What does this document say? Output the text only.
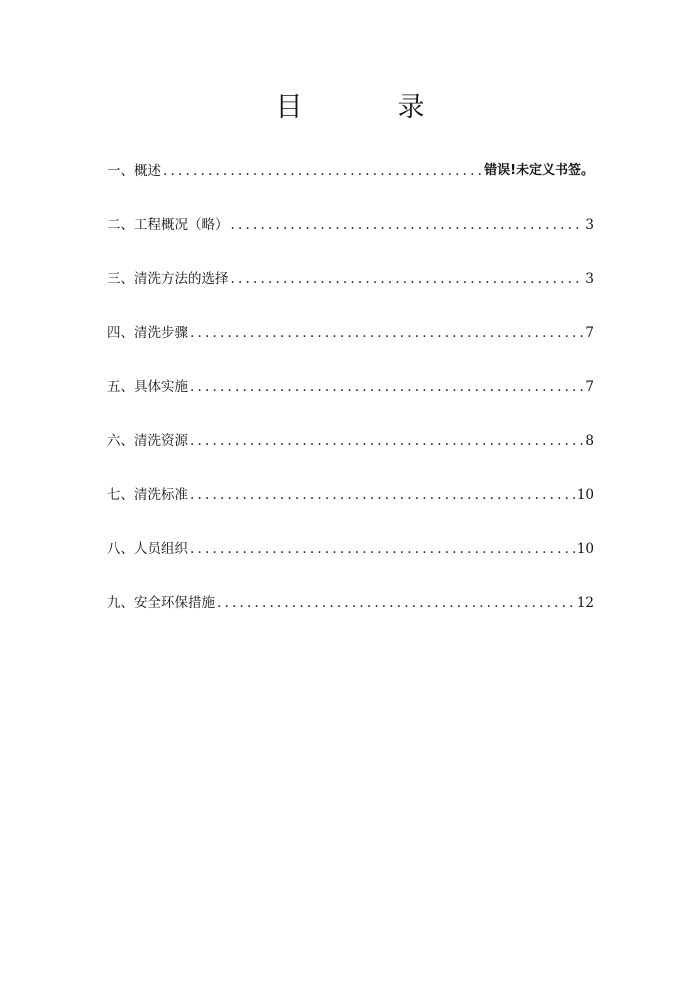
目　录
一、概述 .....	错误!未定义书签。
二、工程概况（略） .....	3
三、清洗方法的选择 .....	3
四、清洗步骤 .....	7
五、具体实施 .....	7
六、清洗资源 .....	8
七、清洗标准 .....	10
八、人员组织 .....	10
九、安全环保措施 .....	12
